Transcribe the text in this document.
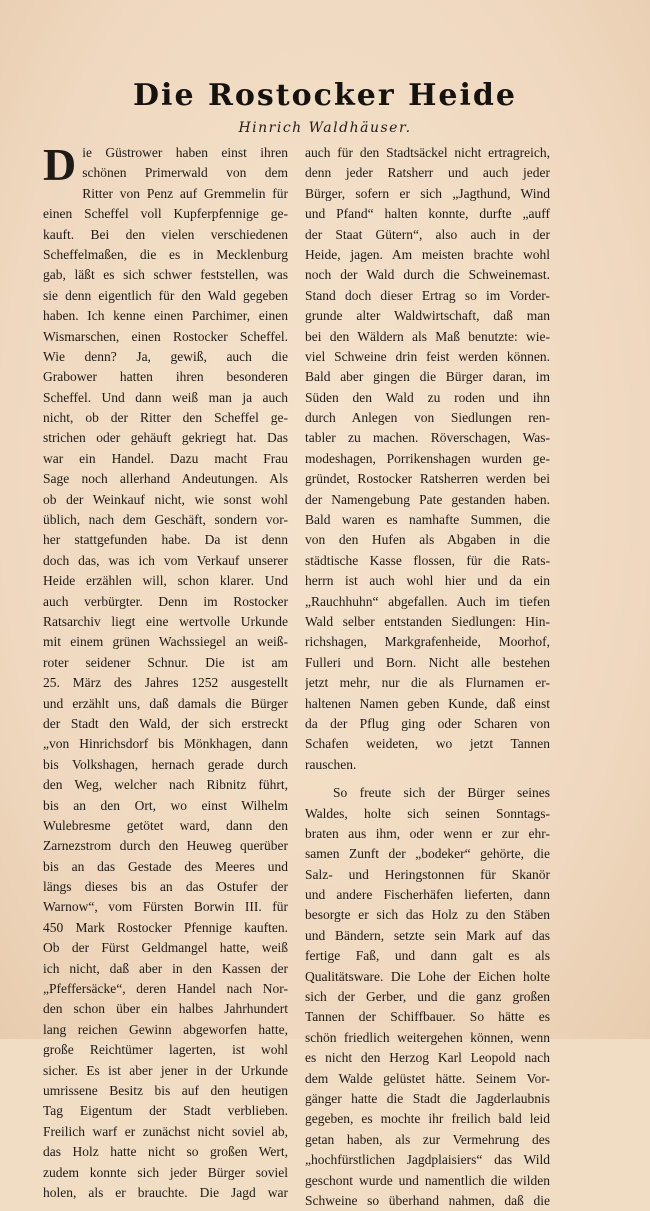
Die Rostocker Heide

Hinrich Waldhäuser.

D ie Güstrower haben einst ihren
schönen Primerwald von dem
Ritter von Penz auf Gremmelin für
einen Scheffel voll Kupferpfennige ge-
kauft. Bei den vielen verschiedenen
Scheffelmaßen, die es in Mecklenburg
gab, läßt es sich schwer feststellen, was
sie denn eigentlich für den Wald gegeben
haben. Ich kenne einen Parchimer, einen
Wismarschen, einen Rostocker Scheffel.
Wie denn? Ja, gewiß, auch die
Grabower hatten ihren besonderen
Scheffel. Und dann weiß man ja auch
nicht, ob der Ritter den Scheffel ge-
strichen oder gehäuft gekriegt hat. Das
war ein Handel. Dazu macht Frau
Sage noch allerhand Andeutungen. Als
ob der Weinkauf nicht, wie sonst wohl
üblich, nach dem Geschäft, sondern vor-
her stattgefunden habe. Da ist denn
doch das, was ich vom Verkauf unserer
Heide erzählen will, schon klarer. Und
auch verbürgter. Denn im Rostocker
Ratsarchiv liegt eine wertvolle Urkunde
mit einem grünen Wachssiegel an weiß-
roter seidener Schnur. Die ist am
25. März des Jahres 1252 ausgestellt
und erzählt uns, daß damals die Bürger
der Stadt den Wald, der sich erstreckt
„von Hinrichsdorf bis Mönkhagen, dann
bis Volkshagen, hernach gerade durch
den Weg, welcher nach Ribnitz führt,
bis an den Ort, wo einst Wilhelm
Wulebresme getötet ward, dann den
Zarnezstrom durch den Heuweg querüber
bis an das Gestade des Meeres und
längs dieses bis an das Ostufer der
Warnow“, vom Fürsten Borwin III. für
450 Mark Rostocker Pfennige kauften.
Ob der Fürst Geldmangel hatte, weiß
ich nicht, daß aber in den Kassen der
„Pfeffersäcke“, deren Handel nach Nor-
den schon über ein halbes Jahrhundert
lang reichen Gewinn abgeworfen hatte,
große Reichtümer lagerten, ist wohl
sicher. Es ist aber jener in der Urkunde
umrissene Besitz bis auf den heutigen
Tag Eigentum der Stadt verblieben.
Freilich warf er zunächst nicht soviel ab,
das Holz hatte nicht so großen Wert,
zudem konnte sich jeder Bürger soviel
holen, als er brauchte. Die Jagd war
auch für den Stadtsäckel nicht ertragreich,
denn jeder Ratsherr und auch jeder
Bürger, sofern er sich „Jagthund, Wind
und Pfand“ halten konnte, durfte „auff
der Staat Gütern“, also auch in der
Heide, jagen. Am meisten brachte wohl
noch der Wald durch die Schweinemast.
Stand doch dieser Ertrag so im Vorder-
grunde alter Waldwirtschaft, daß man
bei den Wäldern als Maß benutzte: wie-
viel Schweine drin feist werden können.
Bald aber gingen die Bürger daran, im
Süden den Wald zu roden und ihn
durch Anlegen von Siedlungen ren-
tabler zu machen. Röverschagen, Was-
modeshagen, Porrikenshagen wurden ge-
gründet, Rostocker Ratsherren werden bei
der Namengebung Pate gestanden haben.
Bald waren es namhafte Summen, die
von den Hufen als Abgaben in die
städtische Kasse flossen, für die Rats-
herrn ist auch wohl hier und da ein
„Rauchhuhn“ abgefallen. Auch im tiefen
Wald selber entstanden Siedlungen: Hin-
richshagen, Markgrafenheide, Moorhof,
Fulleri und Born. Nicht alle bestehen
jetzt mehr, nur die als Flurnamen er-
haltenen Namen geben Kunde, daß einst
da der Pflug ging oder Scharen von
Schafen weideten, wo jetzt Tannen
rauschen.
So freute sich der Bürger seines
Waldes, holte sich seinen Sonntags-
braten aus ihm, oder wenn er zur ehr-
samen Zunft der „bodeker“ gehörte, die
Salz- und Heringstonnen für Skanör
und andere Fischerhäfen lieferten, dann
besorgte er sich das Holz zu den Stäben
und Bändern, setzte sein Mark auf das
fertige Faß, und dann galt es als
Qualitätsware. Die Lohe der Eichen holte
sich der Gerber, und die ganz großen
Tannen der Schiffbauer. So hätte es
schön friedlich weitergehen können, wenn
es nicht den Herzog Karl Leopold nach
dem Walde gelüstet hätte. Seinem Vor-
gänger hatte die Stadt die Jagderlaubnis
gegeben, es mochte ihr freilich bald leid
getan haben, als zur Vermehrung des
„hochfürstlichen Jagdplaisiers“ das Wild
geschont wurde und namentlich die wilden
Schweine so überhand nahmen, daß die
